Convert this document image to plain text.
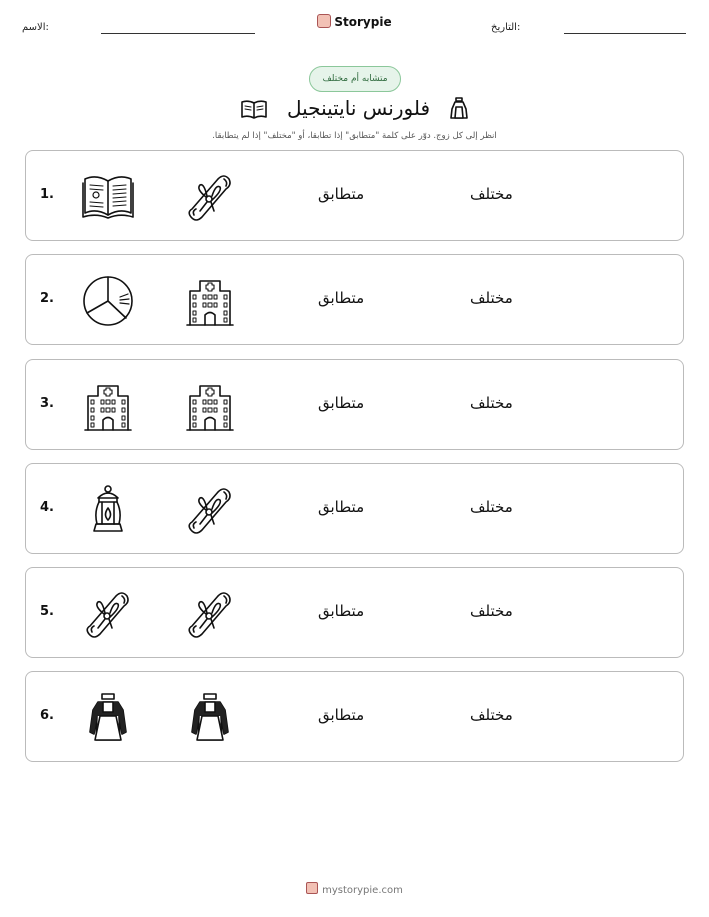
الاسم:	Storypie	التاريخ:
متشابه أم مختلف
فلورنس نايتينجيل
انظر إلى كل زوج. دوّر على كلمة "متطابق" إذا تطابقا، أو "مختلف" إذا لم يتطابقا.
1.	متطابق	مختلف
2.	متطابق	مختلف
3.	متطابق	مختلف
4.	متطابق	مختلف
5.	متطابق	مختلف
6.	متطابق	مختلف
mystorypie.com
